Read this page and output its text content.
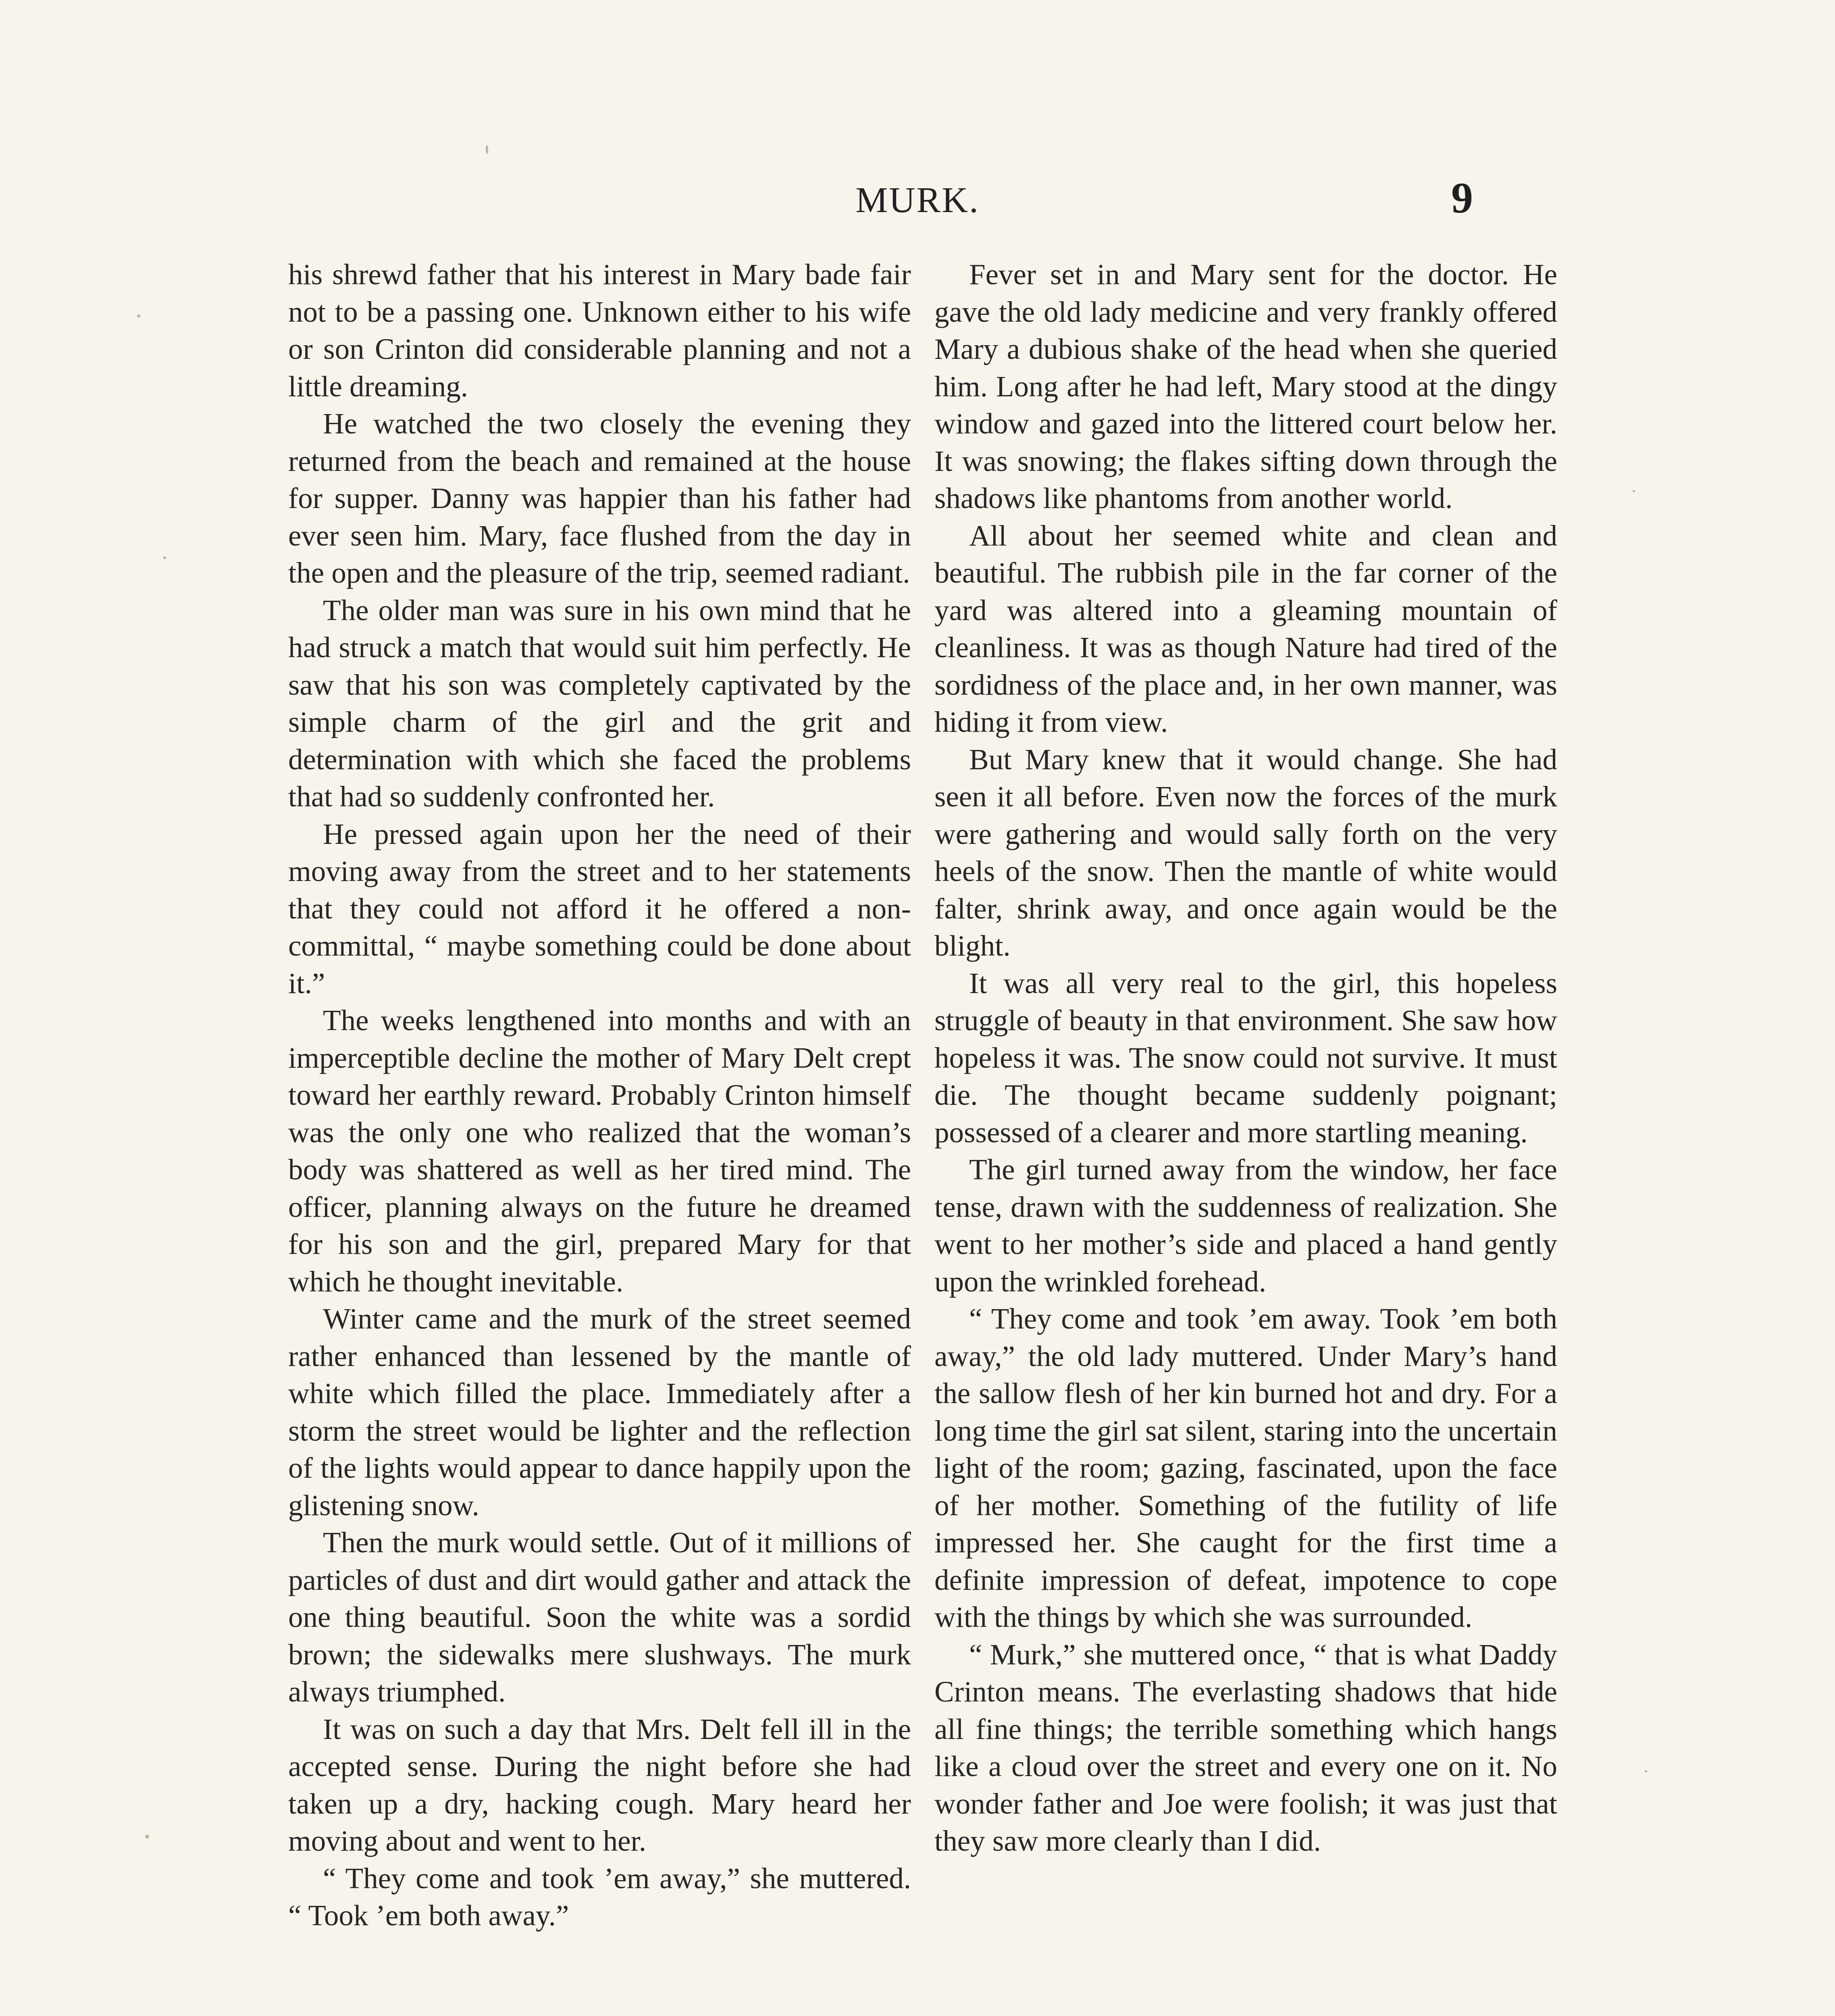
MURK.	9

his shrewd father that his interest in Mary bade fair not to be a passing one. Unknown either to his wife or son Crinton did considerable planning and not a little dreaming.

He watched the two closely the evening they returned from the beach and remained at the house for supper. Danny was happier than his father had ever seen him. Mary, face flushed from the day in the open and the pleasure of the trip, seemed radiant.

The older man was sure in his own mind that he had struck a match that would suit him perfectly. He saw that his son was completely captivated by the simple charm of the girl and the grit and determination with which she faced the problems that had so suddenly confronted her.

He pressed again upon her the need of their moving away from the street and to her statements that they could not afford it he offered a non-committal, “ maybe something could be done about it.”

The weeks lengthened into months and with an imperceptible decline the mother of Mary Delt crept toward her earthly reward. Probably Crinton himself was the only one who realized that the woman’s body was shattered as well as her tired mind. The officer, planning always on the future he dreamed for his son and the girl, prepared Mary for that which he thought inevitable.

Winter came and the murk of the street seemed rather enhanced than lessened by the mantle of white which filled the place. Immediately after a storm the street would be lighter and the reflection of the lights would appear to dance happily upon the glistening snow.

Then the murk would settle. Out of it millions of particles of dust and dirt would gather and attack the one thing beautiful. Soon the white was a sordid brown; the sidewalks mere slushways. The murk always triumphed.

It was on such a day that Mrs. Delt fell ill in the accepted sense. During the night before she had taken up a dry, hacking cough. Mary heard her moving about and went to her.

“ They come and took ’em away,” she muttered. “ Took ’em both away.”

Fever set in and Mary sent for the doctor. He gave the old lady medicine and very frankly offered Mary a dubious shake of the head when she queried him. Long after he had left, Mary stood at the dingy window and gazed into the littered court below her. It was snowing; the flakes sifting down through the shadows like phantoms from another world.

All about her seemed white and clean and beautiful. The rubbish pile in the far corner of the yard was altered into a gleaming mountain of cleanliness. It was as though Nature had tired of the sordidness of the place and, in her own manner, was hiding it from view.

But Mary knew that it would change. She had seen it all before. Even now the forces of the murk were gathering and would sally forth on the very heels of the snow. Then the mantle of white would falter, shrink away, and once again would be the blight.

It was all very real to the girl, this hopeless struggle of beauty in that environment. She saw how hopeless it was. The snow could not survive. It must die. The thought became suddenly poignant; possessed of a clearer and more startling meaning.

The girl turned away from the window, her face tense, drawn with the suddenness of realization. She went to her mother’s side and placed a hand gently upon the wrinkled forehead.

“ They come and took ’em away. Took ’em both away,” the old lady muttered. Under Mary’s hand the sallow flesh of her kin burned hot and dry. For a long time the girl sat silent, staring into the uncertain light of the room; gazing, fascinated, upon the face of her mother. Something of the futility of life impressed her. She caught for the first time a definite impression of defeat, impotence to cope with the things by which she was surrounded.

“ Murk,” she muttered once, “ that is what Daddy Crinton means. The everlasting shadows that hide all fine things; the terrible something which hangs like a cloud over the street and every one on it. No wonder father and Joe were foolish; it was just that they saw more clearly than I did.
